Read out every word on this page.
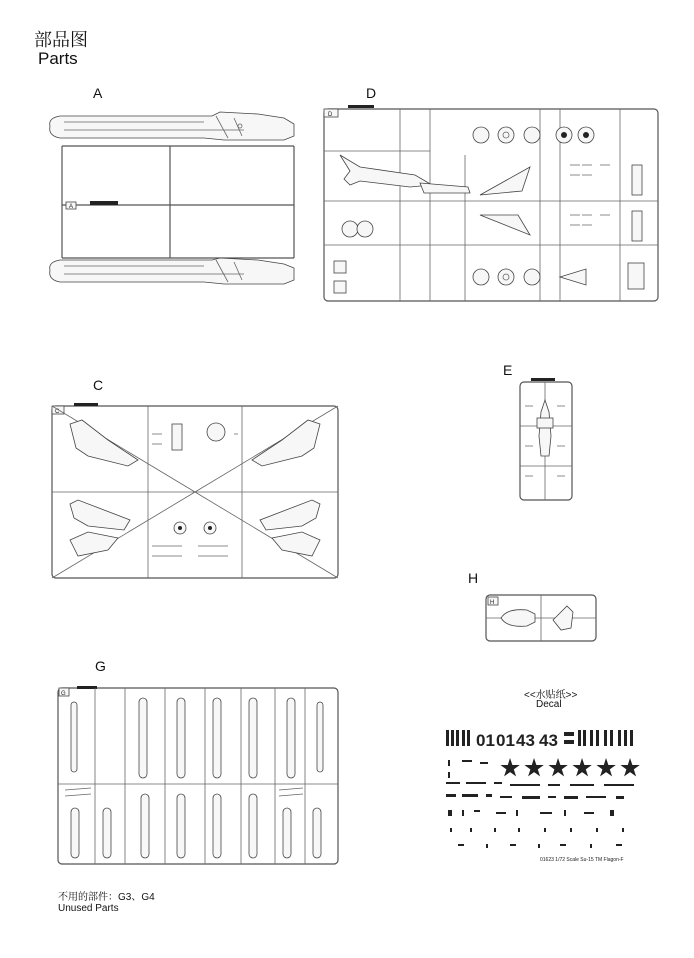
部品图
Parts
A	D
C
E
H
G
A
D
C
H
G
不用的部件：G3、G4
Unused Parts
<<水贴纸>>
Decal
01 01 43 43
01623 1/72 Scale Su-15 TM Flagon-F
